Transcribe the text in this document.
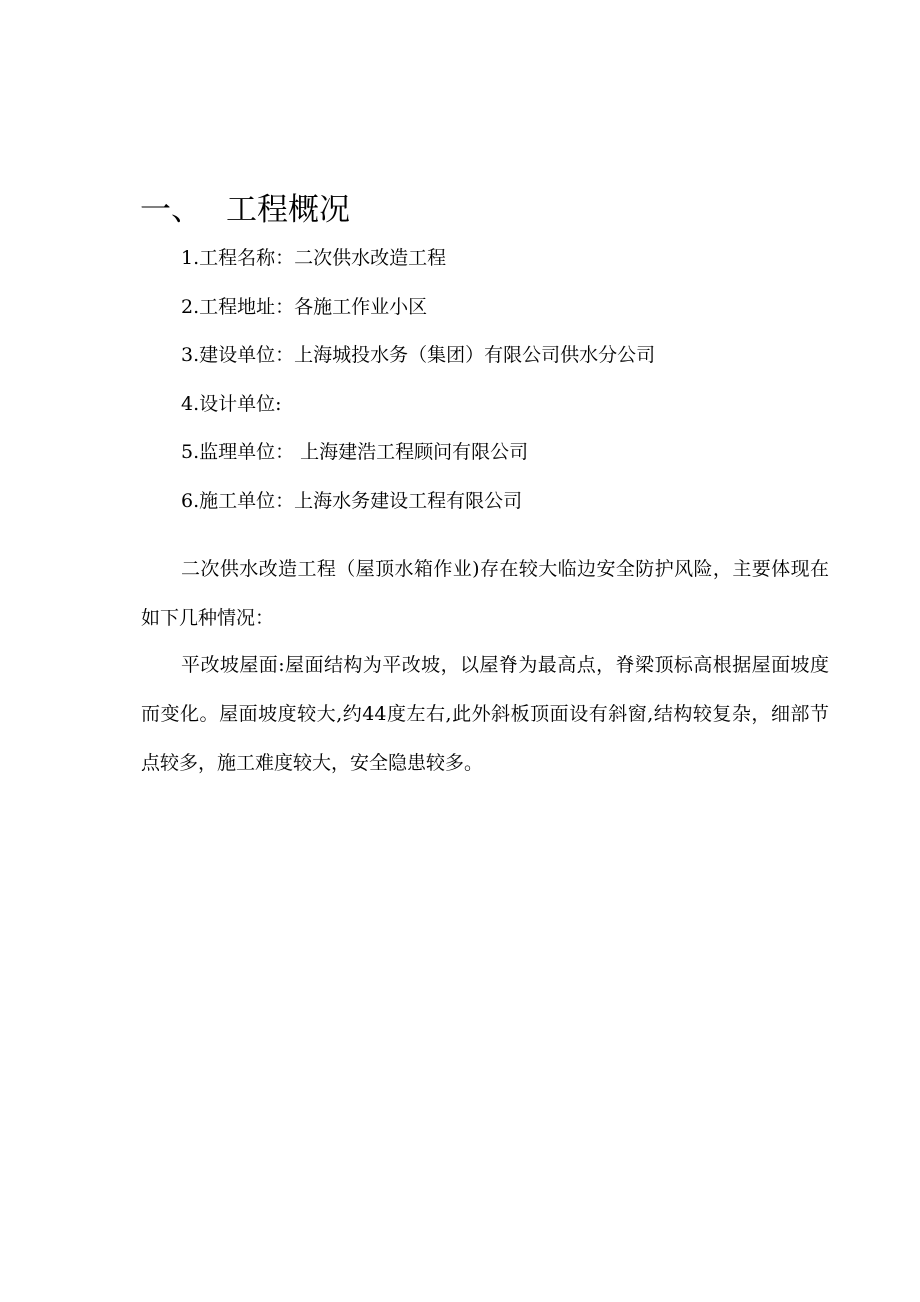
一、 工程概况
1.工程名称：二次供水改造工程
2.工程地址：各施工作业小区
3.建设单位：上海城投水务（集团）有限公司供水分公司
4.设计单位:
5.监理单位： 上海建浩工程顾问有限公司
6.施工单位：上海水务建设工程有限公司

二次供水改造工程（屋顶水箱作业)存在较大临边安全防护风险，主要体现在如下几种情况：

平改坡屋面:屋面结构为平改坡，以屋脊为最高点，脊梁顶标高根据屋面坡度而变化。屋面坡度较大,约44度左右,此外斜板顶面设有斜窗,结构较复杂，细部节点较多，施工难度较大，安全隐患较多。
